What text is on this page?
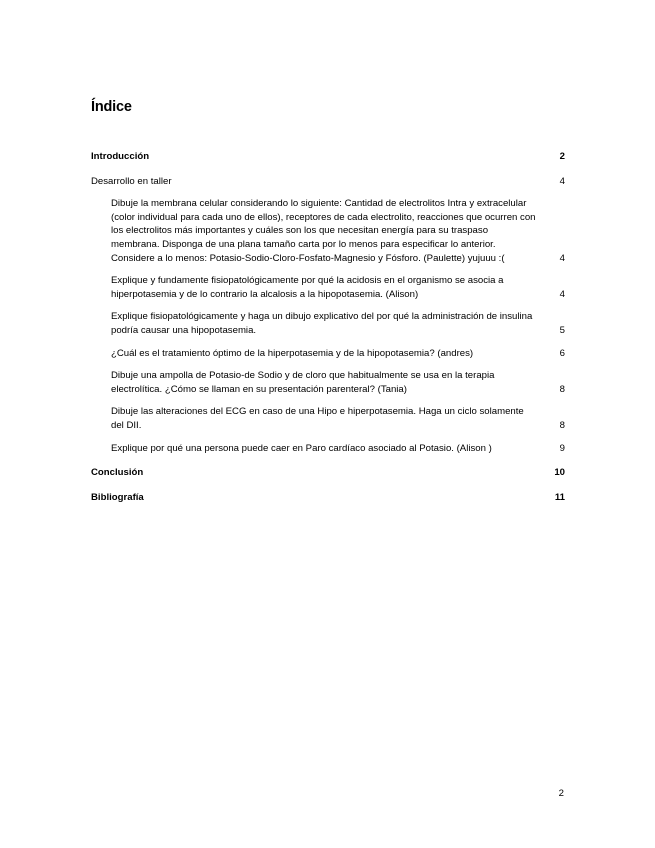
Índice
Introducción	2
Desarrollo en taller	4
Dibuje la membrana celular considerando lo siguiente: Cantidad de electrolitos Intra y extracelular (color individual para cada uno de ellos), receptores de cada electrolito, reacciones que ocurren con los electrolitos más importantes y cuáles son los que necesitan energía para su traspaso membrana. Disponga de una plana tamaño carta por lo menos para especificar lo anterior. Considere a lo menos: Potasio-Sodio-Cloro-Fosfato-Magnesio y Fósforo. (Paulette) yujuuu :(	4
Explique y fundamente fisiopatológicamente por qué la acidosis en el organismo se asocia a hiperpotasemia y de lo contrario la alcalosis a la hipopotasemia. (Alison)	4
Explique fisiopatológicamente y haga un dibujo explicativo del por qué la administración de insulina podría causar una hipopotasemia.	5
¿Cuál es el tratamiento óptimo de la hiperpotasemia y de la hipopotasemia? (andres)	6
Dibuje una ampolla de Potasio-de Sodio y de cloro que habitualmente se usa en la terapia electrolítica. ¿Cómo se llaman en su presentación parenteral? (Tania)	8
Dibuje las alteraciones del ECG en caso de una Hipo e hiperpotasemia. Haga un ciclo solamente del DII.	8
Explique por qué una persona puede caer en Paro cardíaco asociado al Potasio. (Alison )	9
Conclusión	10
Bibliografía	11
2
